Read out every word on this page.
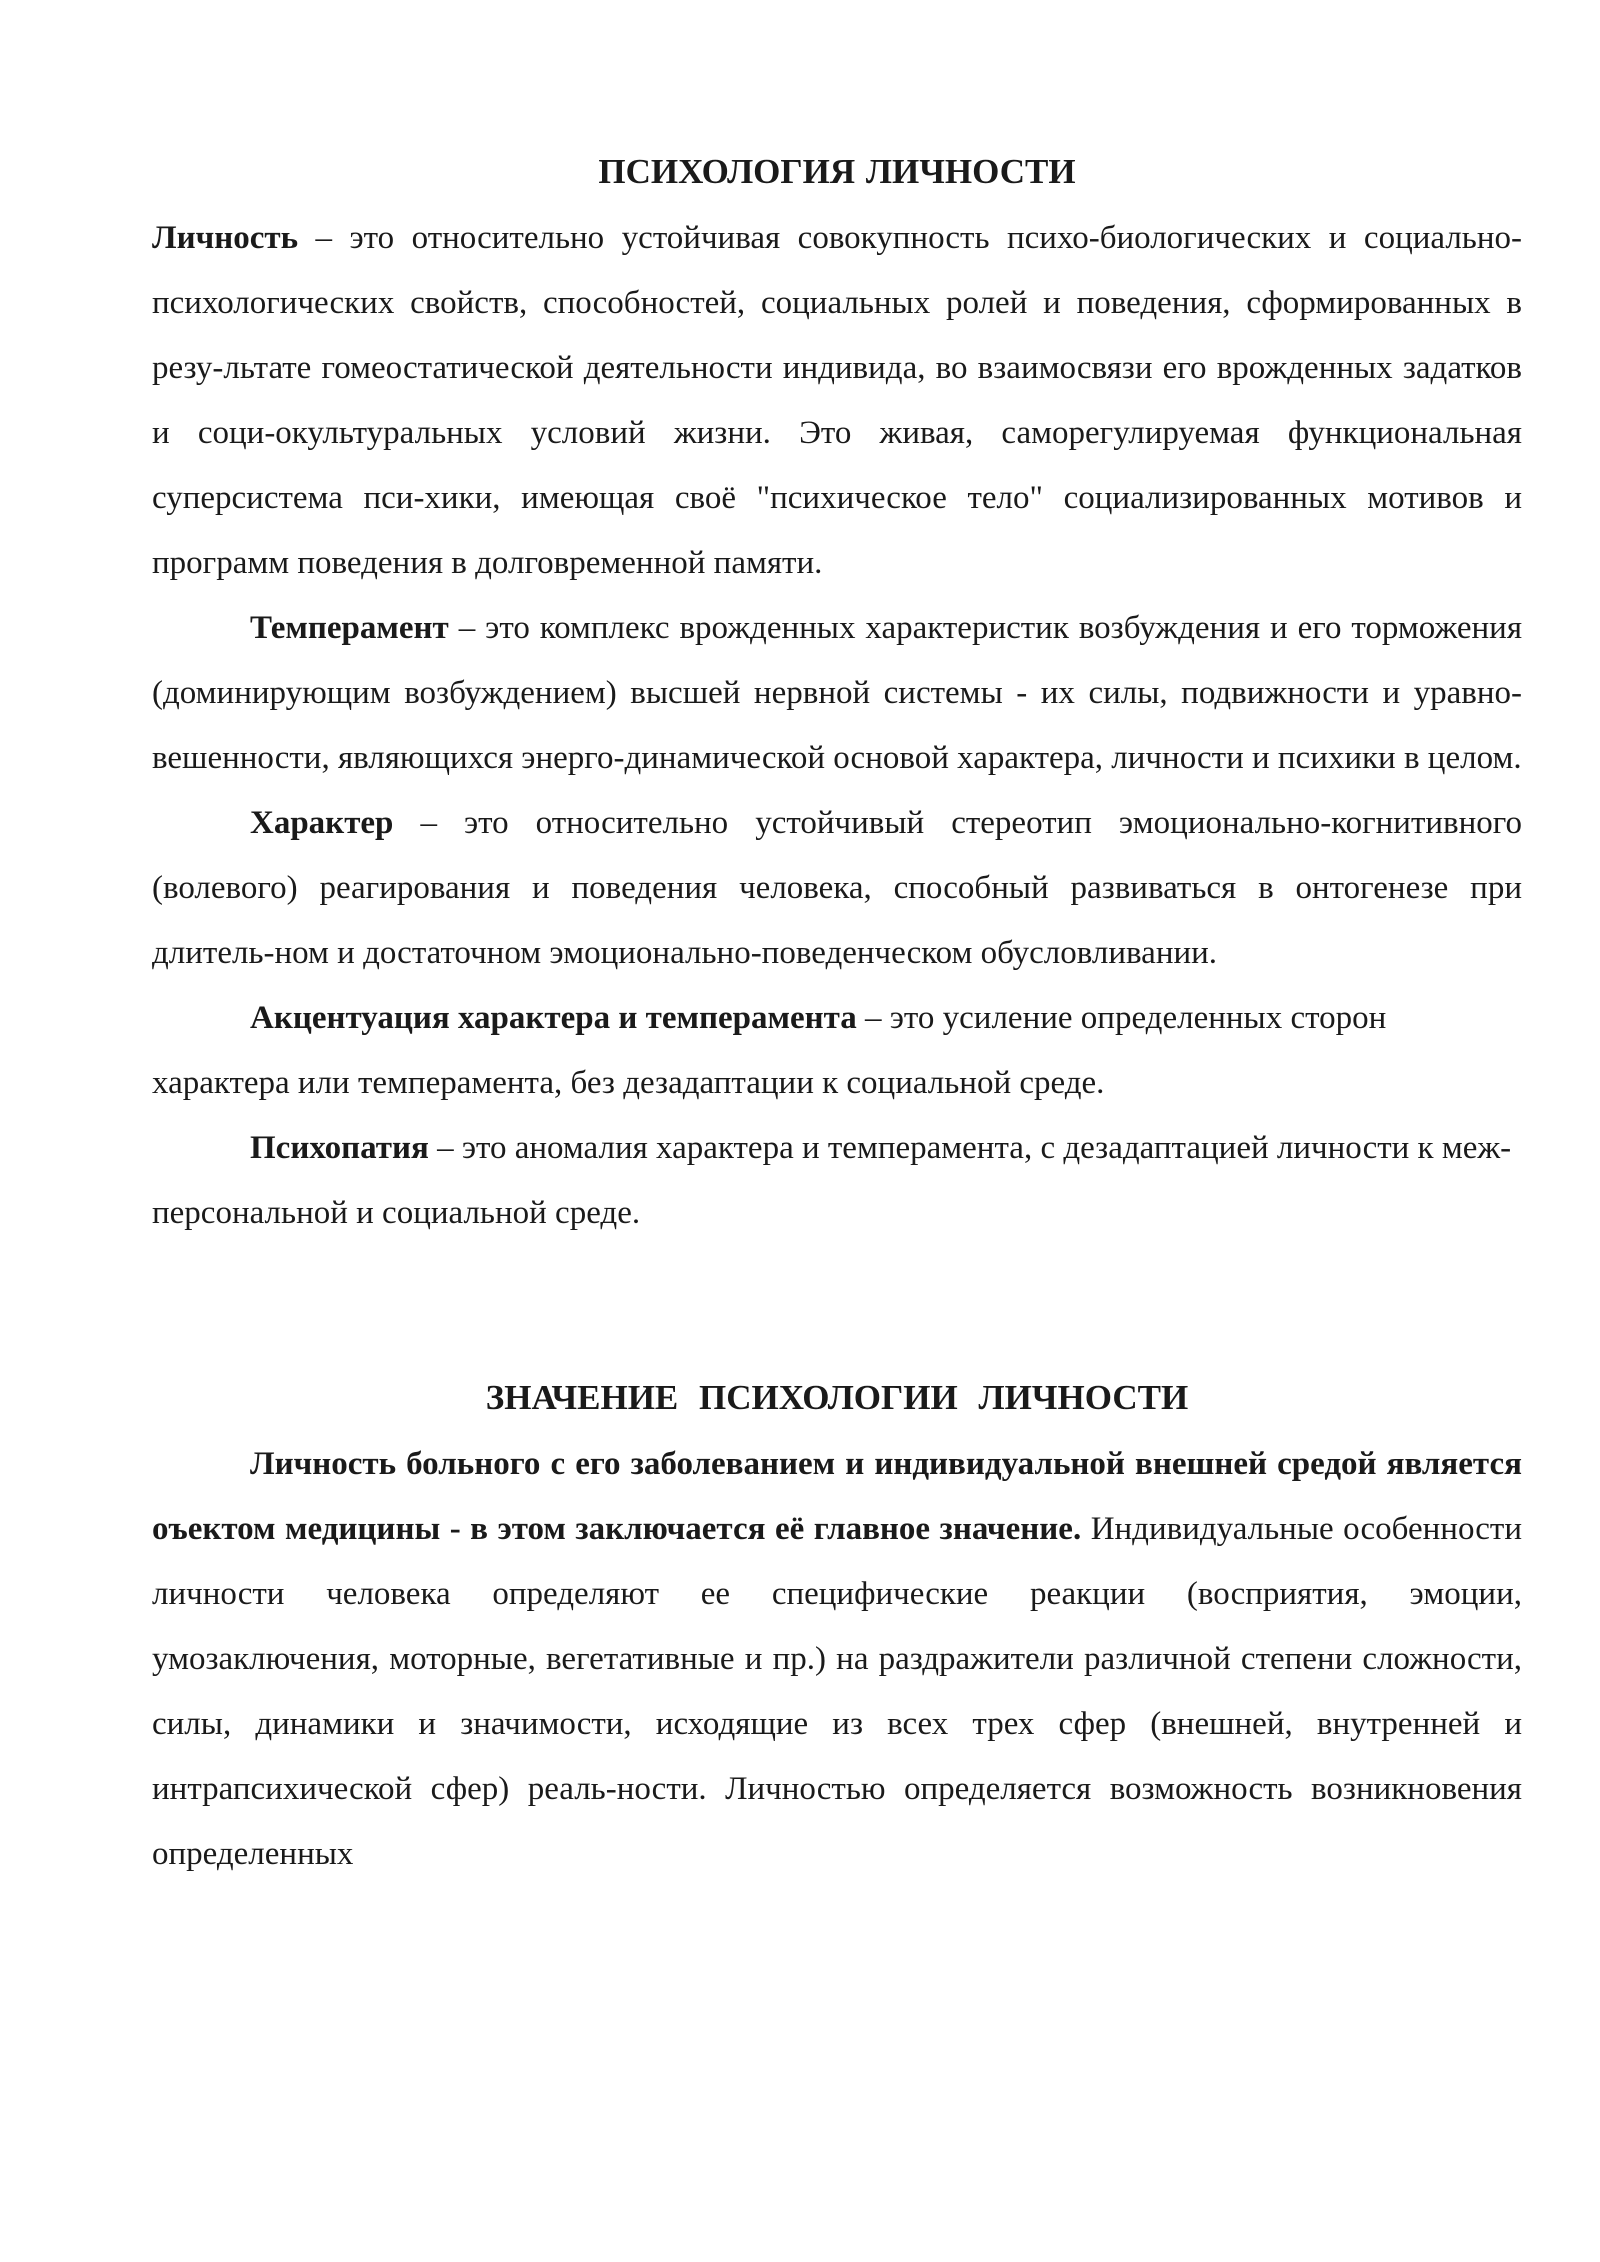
ПСИХОЛОГИЯ ЛИЧНОСТИ

Личность – это относительно устойчивая совокупность психо-биологических и социально-психологических свойств, способностей, социальных ролей и поведения, сформированных в резу-льтате гомеостатической деятельности индивида, во взаимосвязи его врожденных задатков и соци-окультуральных условий жизни. Это живая, саморегулируемая функциональная суперсистема пси-хики, имеющая своё "психическое тело" социализированных мотивов и программ поведения в долговременной памяти.

Темперамент – это комплекс врожденных характеристик возбуждения и его торможения (доминирующим возбуждением) высшей нервной системы - их силы, подвижности и уравно-вешенности, являющихся энерго-динамической основой характера, личности и психики в целом.

Характер – это относительно устойчивый стереотип эмоционально-когнитивного (волевого) реагирования и поведения человека, способный развиваться в онтогенезе при длитель-ном и достаточном эмоционально-поведенческом обусловливании.

Акцентуация характера и темперамента – это усиление определенных сторон характера или темперамента, без дезадаптации к социальной среде.

Психопатия – это аномалия характера и темперамента, с дезадаптацией личности к меж-персональной и социальной среде.

ЗНАЧЕНИЕ ПСИХОЛОГИИ ЛИЧНОСТИ

Личность больного с его заболеванием и индивидуальной внешней средой является оъектом медицины - в этом заключается её главное значение. Индивидуальные особенности личности человека определяют ее специфические реакции (восприятия, эмоции, умозаключения, моторные, вегетативные и пр.) на раздражители различной степени сложности, силы, динамики и значимости, исходящие из всех трех сфер (внешней, внутренней и интрапсихической сфер) реаль-ности. Личностью определяется возможность возникновения определенных
